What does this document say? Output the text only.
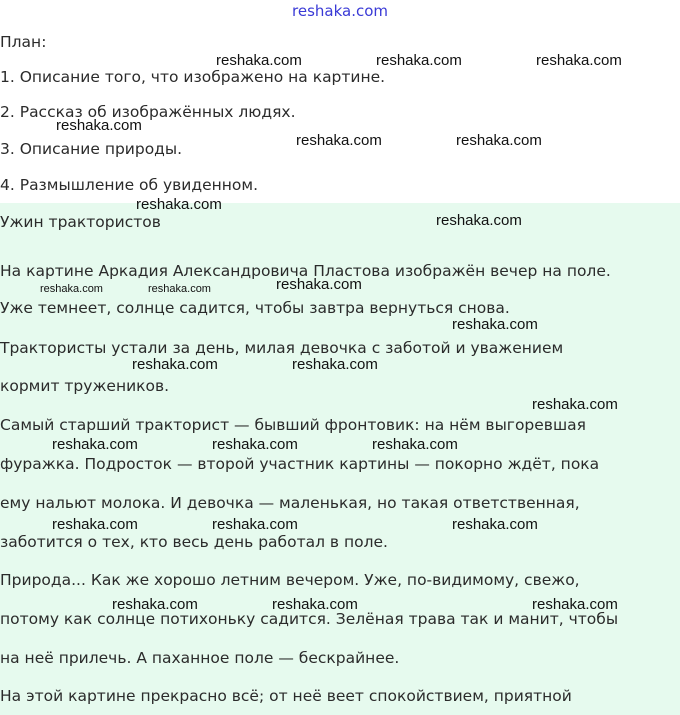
reshaka.com
План:
1. Описание того, что изображено на картине.
2. Рассказ об изображённых людях.
3. Описание природы.
4. Размышление об увиденном.
Ужин трактористов
На картине Аркадия Александровича Пластова изображён вечер на поле.
Уже темнеет, солнце садится, чтобы завтра вернуться снова.
Трактористы устали за день, милая девочка с заботой и уважением
кормит тружеников.
Самый старший тракторист — бывший фронтовик: на нём выгоревшая
фуражка. Подросток — второй участник картины — покорно ждёт, пока
ему нальют молока. И девочка — маленькая, но такая ответственная,
заботится о тех, кто весь день работал в поле.
Природа... Как же хорошо летним вечером. Уже, по-видимому, свежо,
потому как солнце потихоньку садится. Зелёная трава так и манит, чтобы
на неё прилечь. А паханное поле — бескрайнее.
На этой картине прекрасно всё; от неё веет спокойствием, приятной
reshaka.com	reshaka.com	reshaka.com
reshaka.com
reshaka.com	reshaka.com
reshaka.com
reshaka.com
reshaka.com	reshaka.com	reshaka.com
reshaka.com
reshaka.com	reshaka.com
reshaka.com
reshaka.com	reshaka.com	reshaka.com
reshaka.com	reshaka.com	reshaka.com
reshaka.com	reshaka.com	reshaka.com
